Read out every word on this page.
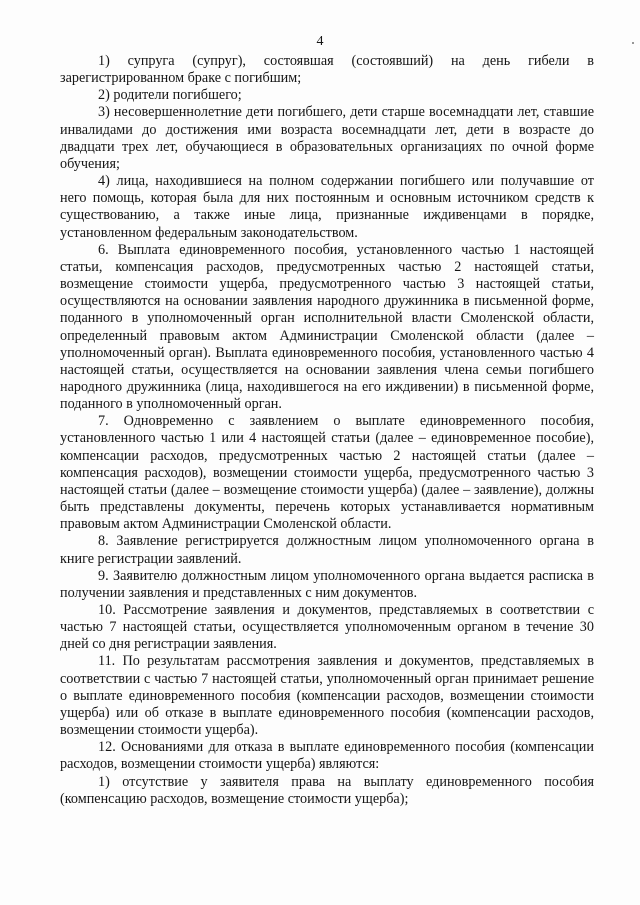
4

1) супруга (супруг), состоявшая (состоявший) на день гибели в зарегистрированном браке с погибшим;

2) родители погибшего;

3) несовершеннолетние дети погибшего, дети старше восемнадцати лет, ставшие инвалидами до достижения ими возраста восемнадцати лет, дети в возрасте до двадцати трех лет, обучающиеся в образовательных организациях по очной форме обучения;

4) лица, находившиеся на полном содержании погибшего или получавшие от него помощь, которая была для них постоянным и основным источником средств к существованию, а также иные лица, признанные иждивенцами в порядке, установленном федеральным законодательством.

6. Выплата единовременного пособия, установленного частью 1 настоящей статьи, компенсация расходов, предусмотренных частью 2 настоящей статьи, возмещение стоимости ущерба, предусмотренного частью 3 настоящей статьи, осуществляются на основании заявления народного дружинника в письменной форме, поданного в уполномоченный орган исполнительной власти Смоленской области, определенный правовым актом Администрации Смоленской области (далее – уполномоченный орган). Выплата единовременного пособия, установленного частью 4 настоящей статьи, осуществляется на основании заявления члена семьи погибшего народного дружинника (лица, находившегося на его иждивении) в письменной форме, поданного в уполномоченный орган.

7. Одновременно с заявлением о выплате единовременного пособия, установленного частью 1 или 4 настоящей статьи (далее – единовременное пособие), компенсации расходов, предусмотренных частью 2 настоящей статьи (далее – компенсация расходов), возмещении стоимости ущерба, предусмотренного частью 3 настоящей статьи (далее – возмещение стоимости ущерба) (далее – заявление), должны быть представлены документы, перечень которых устанавливается нормативным правовым актом Администрации Смоленской области.

8. Заявление регистрируется должностным лицом уполномоченного органа в книге регистрации заявлений.

9. Заявителю должностным лицом уполномоченного органа выдается расписка в получении заявления и представленных с ним документов.

10. Рассмотрение заявления и документов, представляемых в соответствии с частью 7 настоящей статьи, осуществляется уполномоченным органом в течение 30 дней со дня регистрации заявления.

11. По результатам рассмотрения заявления и документов, представляемых в соответствии с частью 7 настоящей статьи, уполномоченный орган принимает решение о выплате единовременного пособия (компенсации расходов, возмещении стоимости ущерба) или об отказе в выплате единовременного пособия (компенсации расходов, возмещении стоимости ущерба).

12. Основаниями для отказа в выплате единовременного пособия (компенсации расходов, возмещении стоимости ущерба) являются:

1) отсутствие у заявителя права на выплату единовременного пособия (компенсацию расходов, возмещение стоимости ущерба);
